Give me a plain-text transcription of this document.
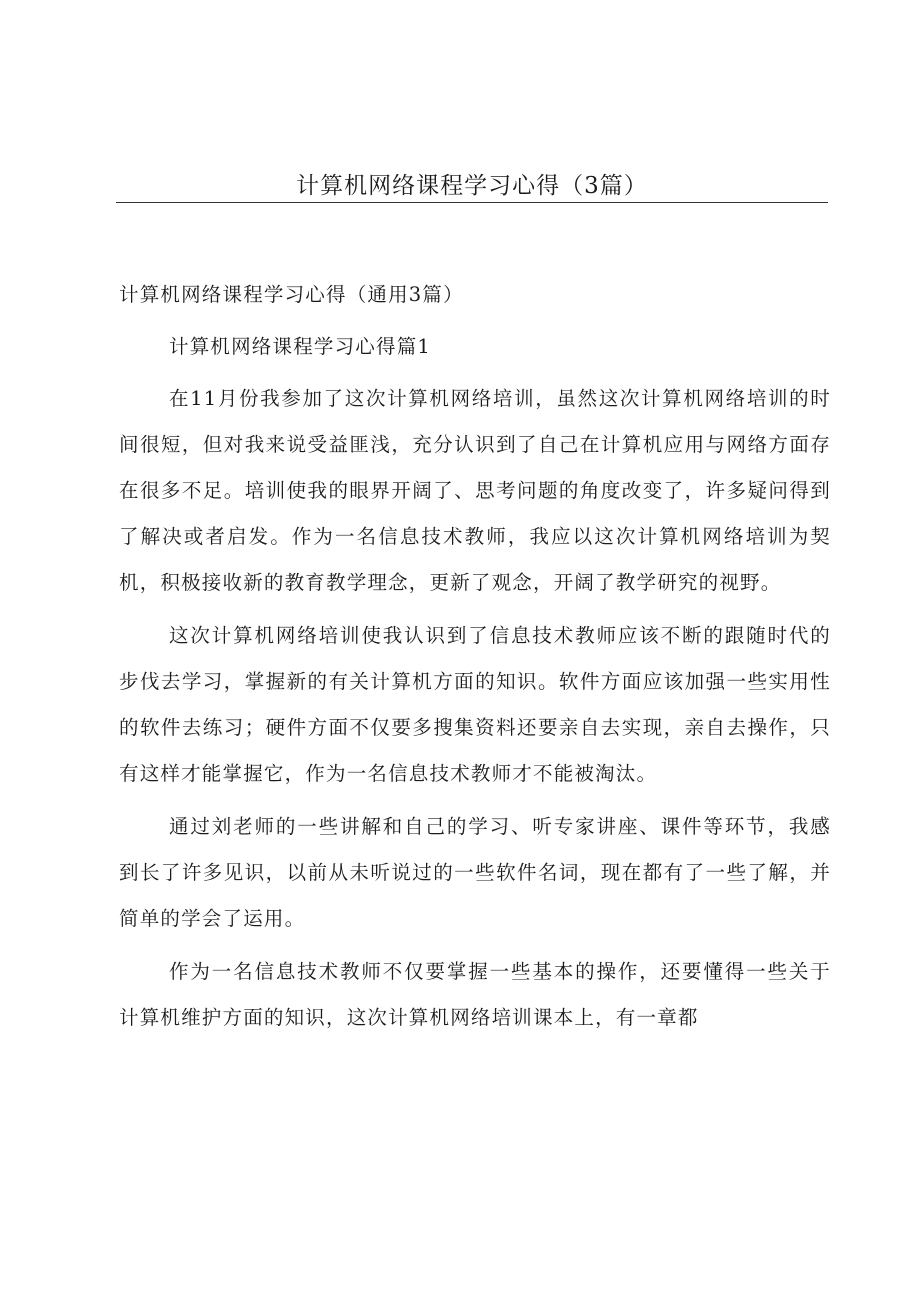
计算机网络课程学习心得（3篇）

计算机网络课程学习心得（通用3篇）

计算机网络课程学习心得篇1

在11月份我参加了这次计算机网络培训，虽然这次计算机网络培训的时间很短，但对我来说受益匪浅，充分认识到了自己在计算机应用与网络方面存在很多不足。培训使我的眼界开阔了、思考问题的角度改变了，许多疑问得到了解决或者启发。作为一名信息技术教师，我应以这次计算机网络培训为契机，积极接收新的教育教学理念，更新了观念，开阔了教学研究的视野。

这次计算机网络培训使我认识到了信息技术教师应该不断的跟随时代的步伐去学习，掌握新的有关计算机方面的知识。软件方面应该加强一些实用性的软件去练习；硬件方面不仅要多搜集资料还要亲自去实现，亲自去操作，只有这样才能掌握它，作为一名信息技术教师才不能被淘汰。

通过刘老师的一些讲解和自己的学习、听专家讲座、课件等环节，我感到长了许多见识，以前从未听说过的一些软件名词，现在都有了一些了解，并简单的学会了运用。

作为一名信息技术教师不仅要掌握一些基本的操作，还要懂得一些关于计算机维护方面的知识，这次计算机网络培训课本上，有一章都
